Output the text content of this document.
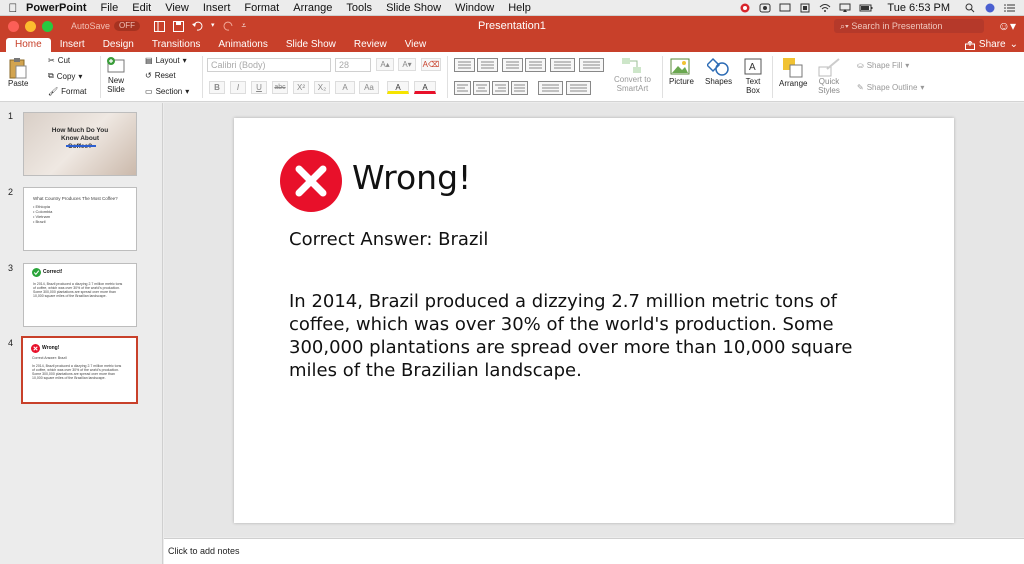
PowerPoint File Edit View Insert Format Arrange Tools Slide Show Window Help	Tue 6:53 PM
AutoSave	OFF	▾	⩡	Presentation1	⌕▾ Search in Presentation	☺▾
Home	Insert	Design	Transitions	Animations	Slide Show	Review	View	Share ⌄
Paste
✂ Cut
⧉ Copy ▾
🖌 Format
New
Slide
▤ Layout ▾
↺ Reset
▭ Section ▾
Calibri (Body)	28	A▴	A▾	A⌫
B	I	U	abc	X²	X₂	A	Aa	A	A
Convert to
SmartArt
Picture Shapes
A
Text
Box
Arrange Quick
Styles
⛀ Shape Fill ▾
✎ Shape Outline ▾
1
How Much Do You Know About
2
What Country Produces The Most Coffee?
• Ethiopia
• Colombia
• Vietnam
• Brazil
3	Correct!
In 2014, Brazil produced a dizzying 2.7 million metric tons of coffee, which was over 30% of the world's production. Some 300,000 plantations are spread over more than 10,000 square miles of the Brazilian landscape.
4	Wrong!
Correct Answer: Brazil
In 2014, Brazil produced a dizzying 2.7 million metric tons of coffee, which was over 30% of the world's production. Some 300,000 plantations are spread over more than 10,000 square miles of the Brazilian landscape.
Wrong!
Correct Answer: Brazil
In 2014, Brazil produced a dizzying 2.7 million metric tons of coffee, which was over 30% of the world's production. Some 300,000 plantations are spread over more than 10,000 square miles of the Brazilian landscape.
Click to add notes
